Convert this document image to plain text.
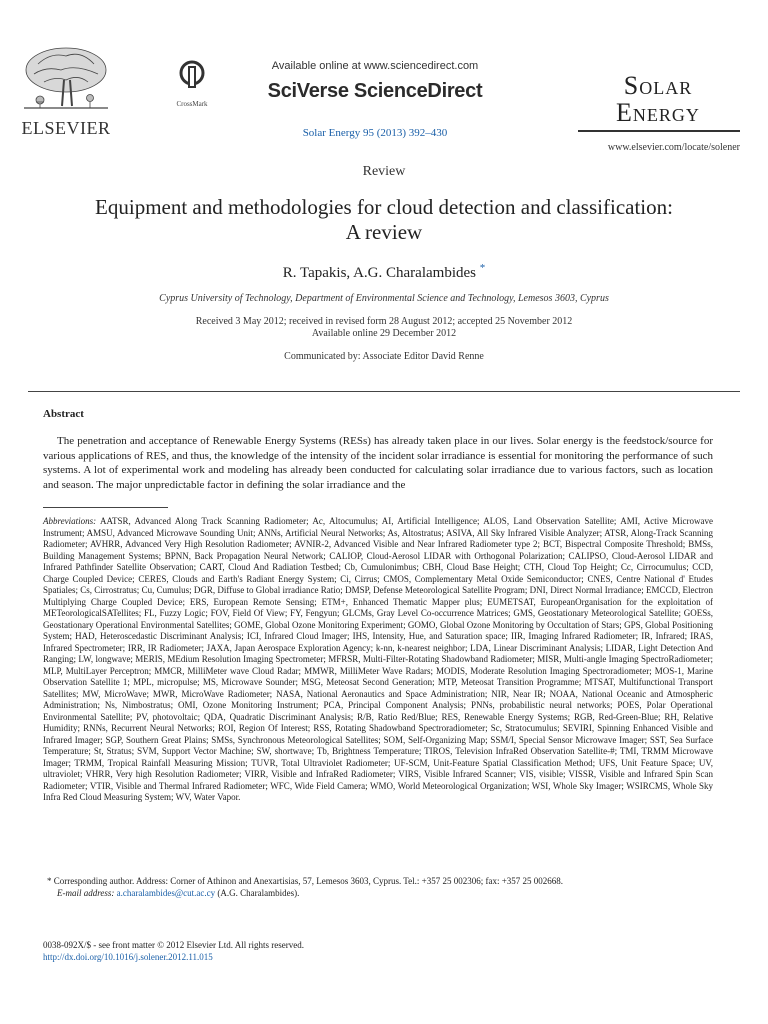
ELSEVIER
CrossMark
Available online at www.sciencedirect.com
SciVerse ScienceDirect
Solar Energy 95 (2013) 392–430
Solar
Energy
www.elsevier.com/locate/solener
Review
Equipment and methodologies for cloud detection and classification: A review
R. Tapakis, A.G. Charalambides *
Cyprus University of Technology, Department of Environmental Science and Technology, Lemesos 3603, Cyprus
Received 3 May 2012; received in revised form 28 August 2012; accepted 25 November 2012
Available online 29 December 2012
Communicated by: Associate Editor David Renne
Abstract
The penetration and acceptance of Renewable Energy Systems (RESs) has already taken place in our lives. Solar energy is the feedstock/source for various applications of RES, and thus, the knowledge of the intensity of the incident solar irradiance is essential for monitoring the performance of such systems. A lot of experimental work and modeling has already been conducted for calculating solar irradiance due to various factors, such as location and season. The major unpredictable factor in defining the solar irradiance and the
Abbreviations: AATSR, Advanced Along Track Scanning Radiometer; Ac, Altocumulus; AI, Artificial Intelligence; ALOS, Land Observation Satellite; AMI, Active Microwave Instrument; AMSU, Advanced Microwave Sounding Unit; ANNs, Artificial Neural Networks; As, Altostratus; ASIVA, All Sky Infrared Visible Analyzer; ATSR, Along-Track Scanning Radiometer; AVHRR, Advanced Very High Resolution Radiometer; AVNIR-2, Advanced Visible and Near Infrared Radiometer type 2; BCT, Bispectral Composite Threshold; BMSs, Building Management Systems; BPNN, Back Propagation Neural Network; CALIOP, Cloud-Aerosol LIDAR with Orthogonal Polarization; CALIPSO, Cloud-Aerosol LIDAR and Infrared Pathfinder Satellite Observation; CART, Cloud And Radiation Testbed; Cb, Cumulonimbus; CBH, Cloud Base Height; CTH, Cloud Top Height; Cc, Cirrocumulus; CCD, Charge Coupled Device; CERES, Clouds and Earth's Radiant Energy System; Ci, Cirrus; CMOS, Complementary Metal Oxide Semiconductor; CNES, Centre National d' Etudes Spatiales; Cs, Cirrostratus; Cu, Cumulus; DGR, Diffuse to Global irradiance Ratio; DMSP, Defense Meteorological Satellite Program; DNI, Direct Normal Irradiance; EMCCD, Electron Multiplying Charge Coupled Device; ERS, European Remote Sensing; ETM+, Enhanced Thematic Mapper plus; EUMETSAT, EuropeanOrganisation for the exploitation of METeorologicalSATellites; FL, Fuzzy Logic; FOV, Field Of View; FY, Fengyun; GLCMs, Gray Level Co-occurrence Matrices; GMS, Geostationary Meteorological Satellite; GOESs, Geostationary Operational Environmental Satellites; GOME, Global Ozone Monitoring Experiment; GOMO, Global Ozone Monitoring by Occultation of Stars; GPS, Global Positioning System; HAD, Heteroscedastic Discriminant Analysis; ICI, Infrared Cloud Imager; IHS, Intensity, Hue, and Saturation space; IIR, Imaging Infrared Radiometer; IR, Infrared; IRAS, Infrared Spectrometer; IRR, IR Radiometer; JAXA, Japan Aerospace Exploration Agency; k-nn, k-nearest neighbor; LDA, Linear Discriminant Analysis; LIDAR, Light Detection And Ranging; LW, longwave; MERIS, MEdium Resolution Imaging Spectrometer; MFRSR, Multi-Filter-Rotating Shadowband Radiometer; MISR, Multi-angle Imaging SpectroRadiometer; MLP, MultiLayer Perceptron; MMCR, MilliMeter wave Cloud Radar; MMWR, MilliMeter Wave Radars; MODIS, Moderate Resolution Imaging Spectroradiometer; MOS-1, Marine Observation Satellite 1; MPL, micropulse; MS, Microwave Sounder; MSG, Meteosat Second Generation; MTP, Meteosat Transition Programme; MTSAT, Multifunctional Transport Satellites; MW, MicroWave; MWR, MicroWave Radiometer; NASA, National Aeronautics and Space Administration; NIR, Near IR; NOAA, National Oceanic and Atmospheric Administration; Ns, Nimbostratus; OMI, Ozone Monitoring Instrument; PCA, Principal Component Analysis; PNNs, probabilistic neural networks; POES, Polar Operational Environmental Satellite; PV, photovoltaic; QDA, Quadratic Discriminant Analysis; R/B, Ratio Red/Blue; RES, Renewable Energy Systems; RGB, Red-Green-Blue; RH, Relative Humidity; RNNs, Recurrent Neural Networks; ROI, Region Of Interest; RSS, Rotating Shadowband Spectroradiometer; Sc, Stratocumulus; SEVIRI, Spinning Enhanced Visible and Infrared Imager; SGP, Southern Great Plains; SMSs, Synchronous Meteorological Satellites; SOM, Self-Organizing Map; SSM/I, Special Sensor Microwave Imager; SST, Sea Surface Temperature; St, Stratus; SVM, Support Vector Machine; SW, shortwave; Tb, Brightness Temperature; TIROS, Television InfraRed Observation Satellite-#; TMI, TRMM Microwave Imager; TRMM, Tropical Rainfall Measuring Mission; TUVR, Total Ultraviolet Radiometer; UF-SCM, Unit-Feature Spatial Classification Method; UFS, Unit Feature Space; UV, ultraviolet; VHRR, Very high Resolution Radiometer; VIRR, Visible and InfraRed Radiometer; VIRS, Visible Infrared Scanner; VIS, visible; VISSR, Visible and Infrared Spin Scan Radiometer; VTIR, Visible and Thermal Infrared Radiometer; WFC, Wide Field Camera; WMO, World Meteorological Organization; WSI, Whole Sky Imager; WSIRCMS, Whole Sky Infra Red Cloud Measuring System; WV, Water Vapor.
* Corresponding author. Address: Corner of Athinon and Anexartisias, 57, Lemesos 3603, Cyprus. Tel.: +357 25 002306; fax: +357 25 002668.
E-mail address: a.charalambides@cut.ac.cy (A.G. Charalambides).
0038-092X/$ - see front matter © 2012 Elsevier Ltd. All rights reserved.
http://dx.doi.org/10.1016/j.solener.2012.11.015
